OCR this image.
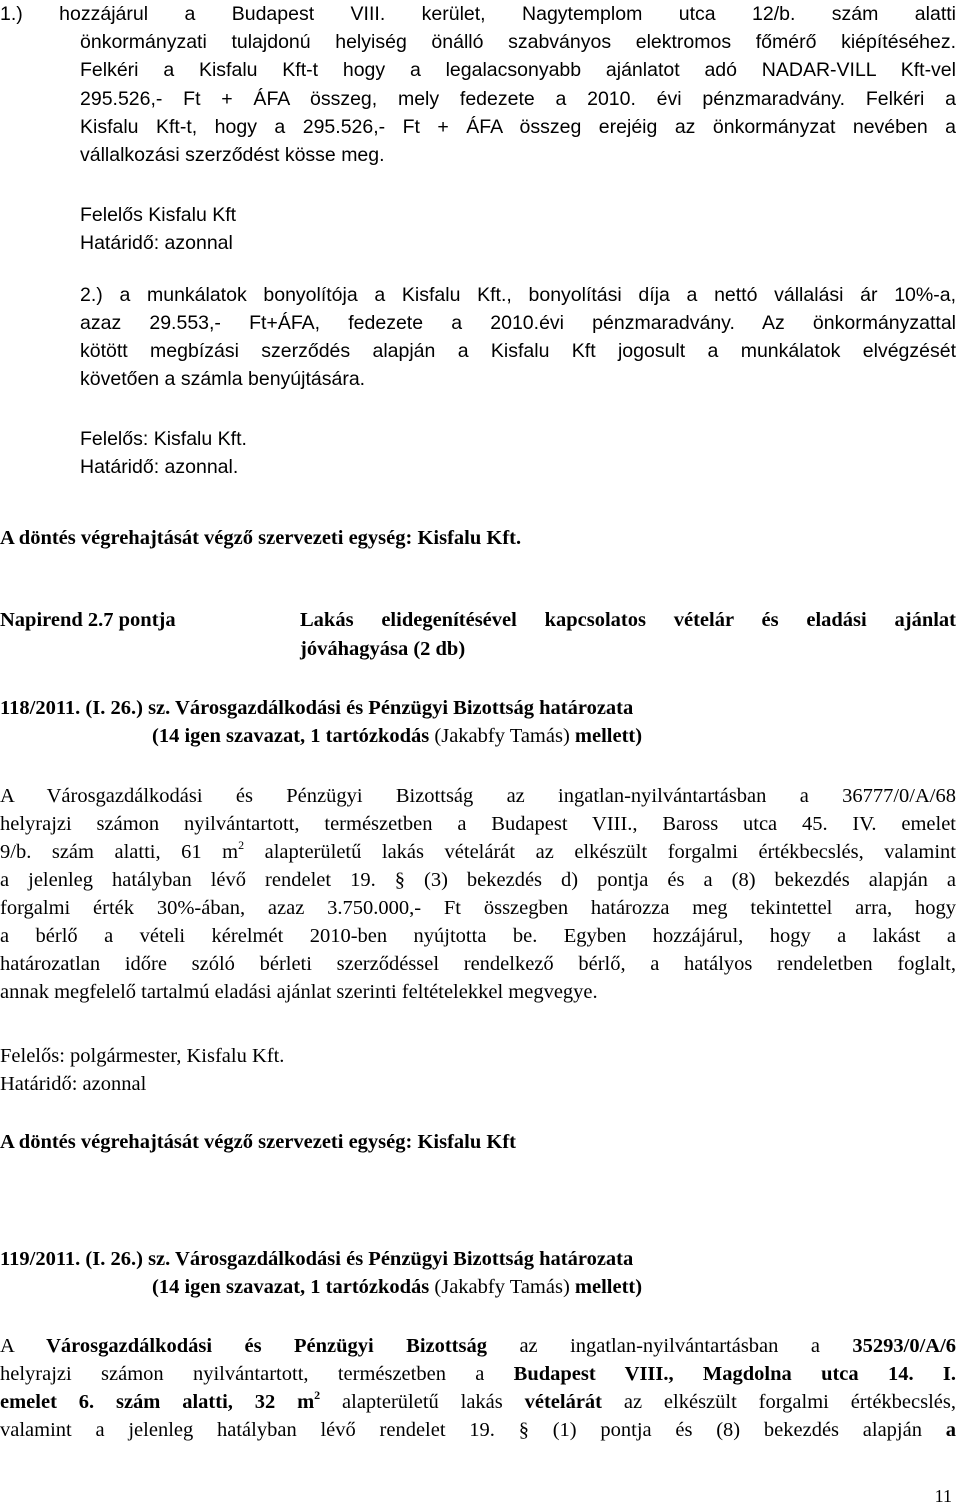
1.) hozzájárul a Budapest VIII. kerület, Nagytemplom utca 12/b. szám alatti
önkormányzati tulajdonú helyiség önálló szabványos elektromos főmérő kiépítéséhez.
Felkéri a Kisfalu Kft-t hogy a legalacsonyabb ajánlatot adó NADAR-VILL Kft-vel
295.526,- Ft + ÁFA összeg, mely fedezete a 2010. évi pénzmaradvány. Felkéri a
Kisfalu Kft-t, hogy a 295.526,- Ft + ÁFA összeg erejéig az önkormányzat nevében a
vállalkozási szerződést kösse meg.
Felelős Kisfalu Kft
Határidő: azonnal
2.) a munkálatok bonyolítója a Kisfalu Kft., bonyolítási díja a nettó vállalási ár 10%-a,
azaz 29.553,- Ft+ÁFA, fedezete a 2010.évi pénzmaradvány. Az önkormányzattal
kötött megbízási szerződés alapján a Kisfalu Kft jogosult a munkálatok elvégzését
követően a számla benyújtására.
Felelős: Kisfalu Kft.
Határidő: azonnal.
A döntés végrehajtását végző szervezeti egység: Kisfalu Kft.
Napirend 2.7 pontja	Lakás elidegenítésével kapcsolatos vételár és eladási ajánlat
jóváhagyása (2 db)
118/2011. (I. 26.) sz. Városgazdálkodási és Pénzügyi Bizottság határozata
(14 igen szavazat, 1 tartózkodás (Jakabfy Tamás) mellett)
A Városgazdálkodási és Pénzügyi Bizottság az ingatlan-nyilvántartásban a 36777/0/A/68
helyrajzi számon nyilvántartott, természetben a Budapest VIII., Baross utca 45. IV. emelet
9/b. szám alatti, 61 $m^2$ alapterületű lakás vételárát az elkészült forgalmi értékbecslés, valamint
a jelenleg hatályban lévő rendelet 19. § (3) bekezdés d) pontja és a (8) bekezdés alapján a
forgalmi érték 30%-ában, azaz 3.750.000,- Ft összegben határozza meg tekintettel arra, hogy
a bérlő a vételi kérelmét 2010-ben nyújtotta be. Egyben hozzájárul, hogy a lakást a
határozatlan időre szóló bérleti szerződéssel rendelkező bérlő, a hatályos rendeletben foglalt,
annak megfelelő tartalmú eladási ajánlat szerinti feltételekkel megvegye.
Felelős: polgármester, Kisfalu Kft.
Határidő: azonnal
A döntés végrehajtását végző szervezeti egység: Kisfalu Kft
119/2011. (I. 26.) sz. Városgazdálkodási és Pénzügyi Bizottság határozata
(14 igen szavazat, 1 tartózkodás (Jakabfy Tamás) mellett)
A Városgazdálkodási és Pénzügyi Bizottság az ingatlan-nyilvántartásban a 35293/0/A/6
helyrajzi számon nyilvántartott, természetben a Budapest VIII., Magdolna utca 14. I.
emelet 6. szám alatti, 32 $m^2$ alapterületű lakás vételárát az elkészült forgalmi értékbecslés,
valamint a jelenleg hatályban lévő rendelet 19. § (1) pontja és (8) bekezdés alapján a
11
